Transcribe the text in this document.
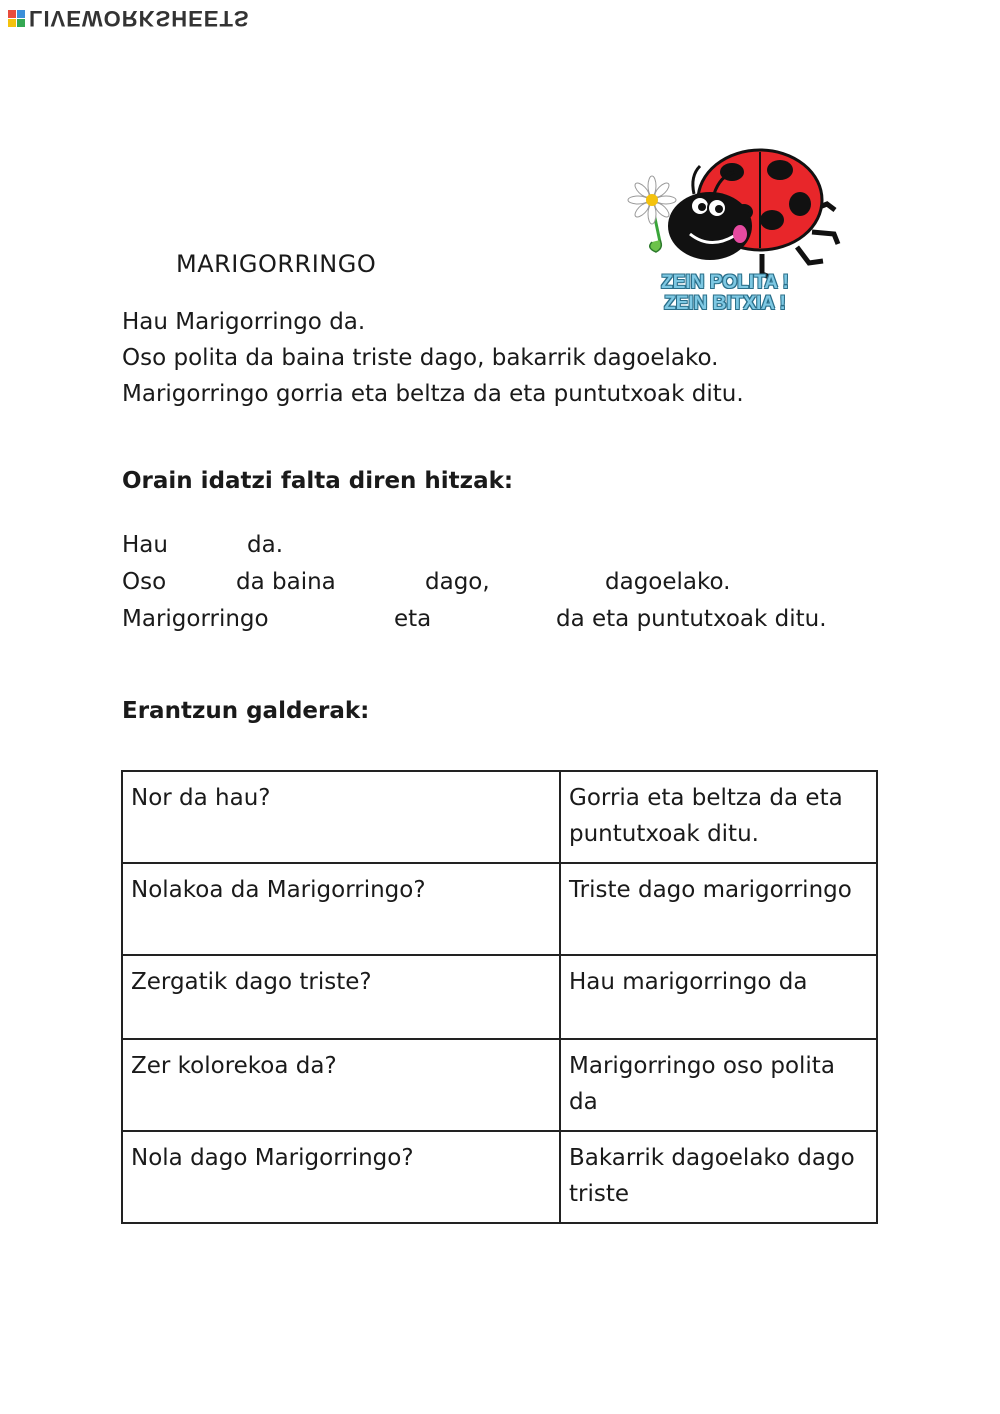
LIVEWORKSHEETS
ZEIN POLITA !
ZEIN BITXIA !
MARIGORRINGO

Hau Marigorringo da.

Oso polita da baina triste dago, bakarrik dagoelako.

Marigorringo gorria eta beltza da eta puntutxoak ditu.

Orain idatzi falta diren hitzak:
Hau	da.
Oso	da baina	dago,	dagoelako.
Marigorringo	eta	da eta puntutxoak ditu.
Erantzun galderak:
Nor da hau?	Gorria eta beltza da eta puntutxoak ditu.
Nolakoa da Marigorringo?	Triste dago marigorringo
Zergatik dago triste?	Hau marigorringo da
Zer kolorekoa da?	Marigorringo oso polita da
Nola dago Marigorringo?	Bakarrik dagoelako dago triste
